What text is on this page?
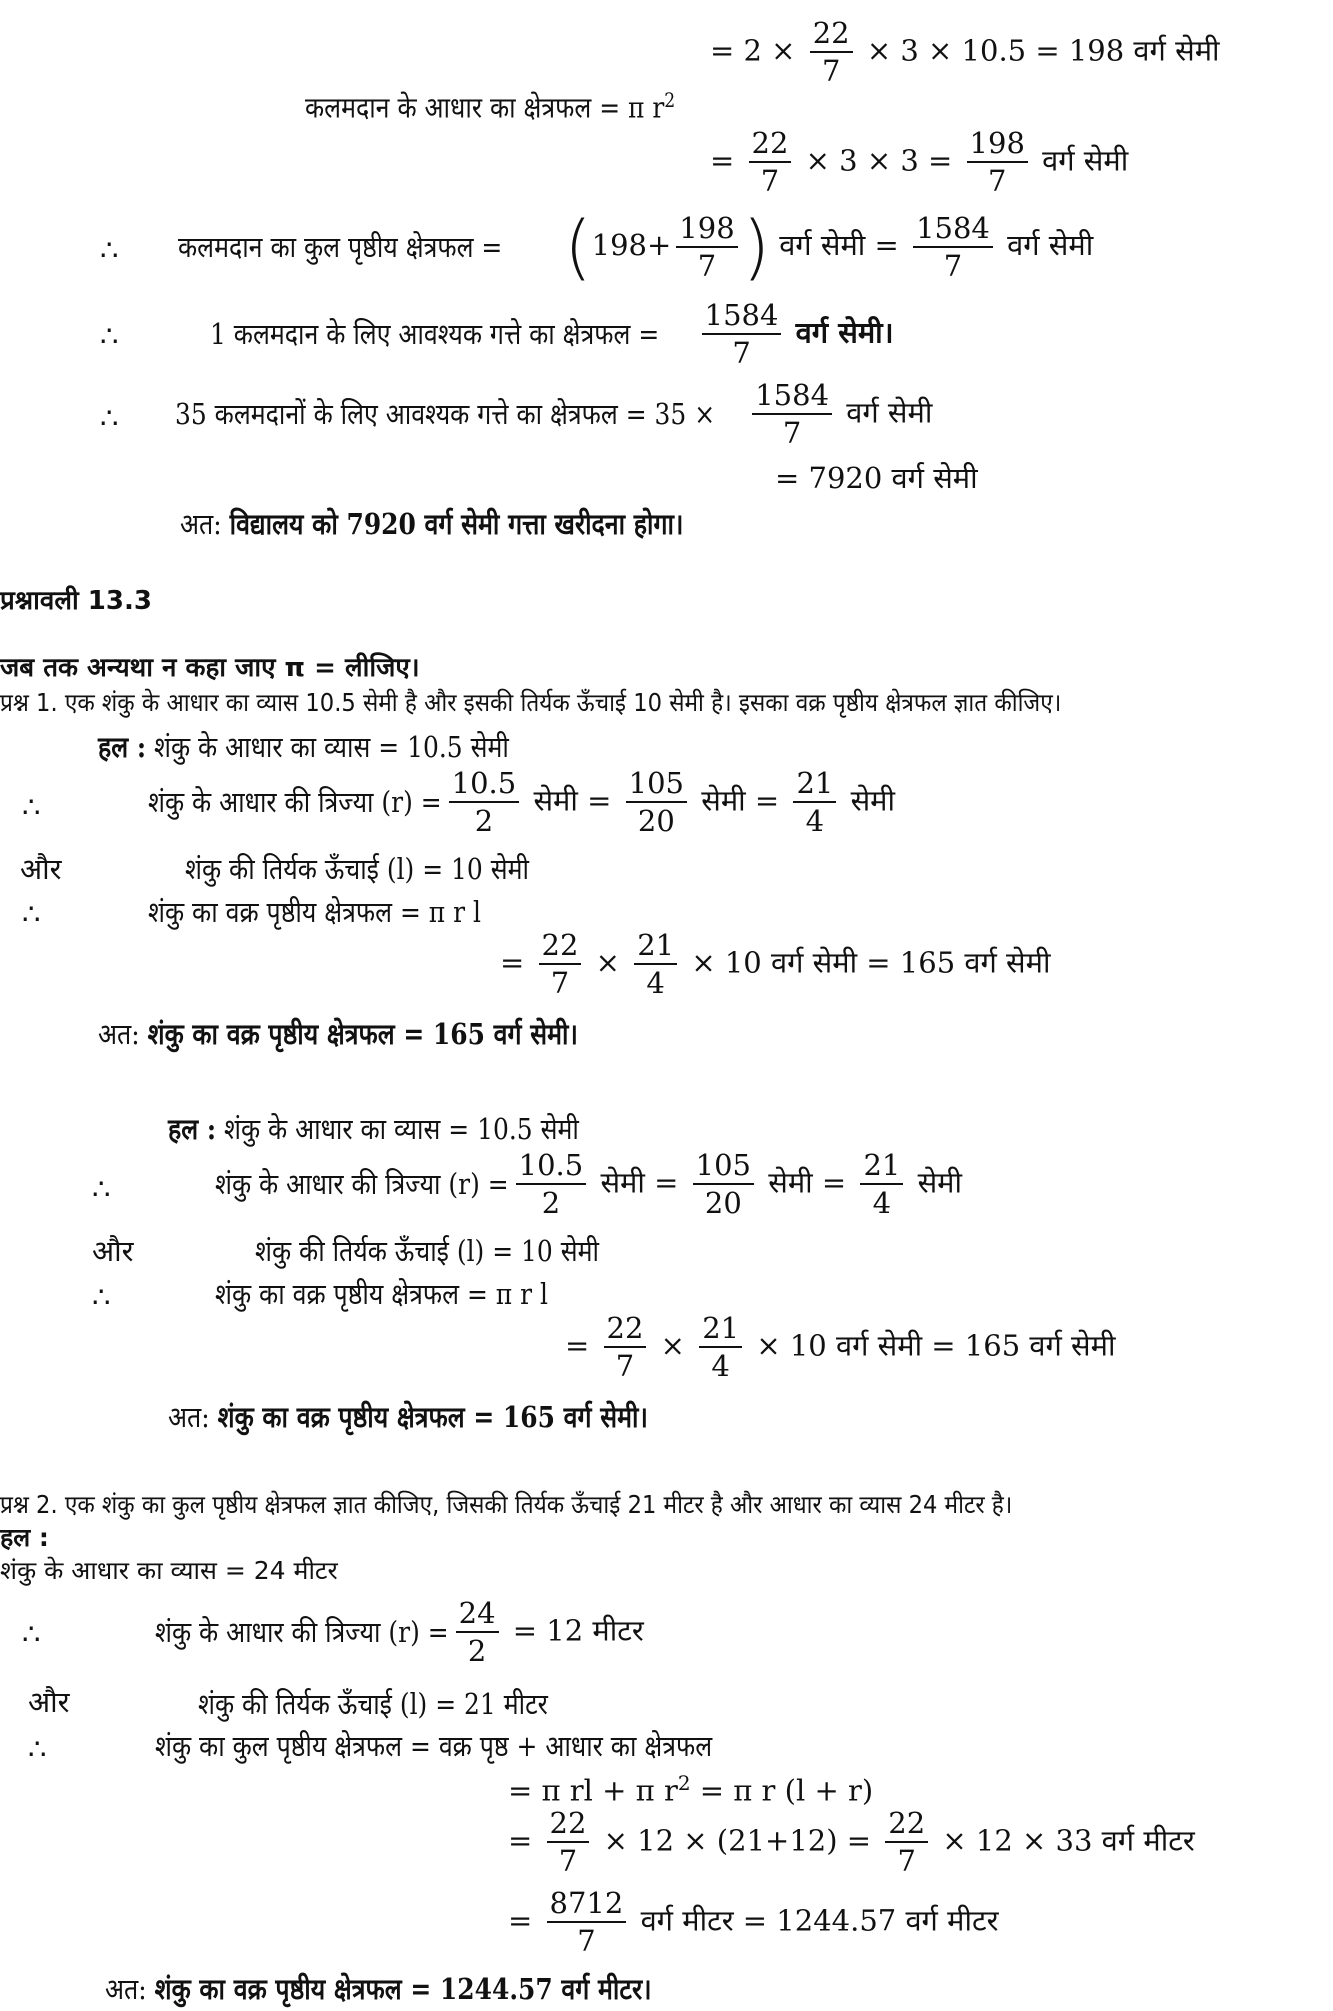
= $2 \times \frac{22}{7} \times 3 \times 10.5 = 198$ वर्ग सेमी
कलमदान के आधार का क्षेत्रफल = π $r^2$
= $\frac{22}{7} \times 3 \times 3 = \frac{198}{7}$ वर्ग सेमी
∴ कलमदान का कुल पृष्ठीय क्षेत्रफल = ($198+ \frac{198}{7}$ ) वर्ग सेमी = $\frac{1584}{7}$ वर्ग सेमी
∴	1 कलमदान के लिए आवश्यक गत्ते का क्षेत्रफल = $\frac{1584}{7}$ वर्ग सेमी।
∴ 35 कलमदानों के लिए आवश्यक गत्ते का क्षेत्रफल = $35 \times \frac{1584}{7}$ वर्ग सेमी
= 7920 वर्ग सेमी
अत: विद्यालय को 7920 वर्ग सेमी गत्ता खरीदना होगा।
प्रश्नावली 13.3
जब तक अन्यथा न कहा जाए π = लीजिए।
प्रश्न 1. एक शंकु के आधार का व्यास 10.5 सेमी है और इसकी तिर्यक ऊँचाई 10 सेमी है। इसका वक्र पृष्ठीय क्षेत्रफल ज्ञात कीजिए।
हल : शंकु के आधार का व्यास = 10.5 सेमी
∴	शंकु के आधार की त्रिज्या $(r) = \frac{10.5}{2}$ सेमी = $\frac{105}{20}$ सेमी = $\frac{21}{4}$ सेमी
और	शंकु की तिर्यक ऊँचाई (l) = 10 सेमी
∴	शंकु का वक्र पृष्ठीय क्षेत्रफल = π r l
= $\frac{22}{7} \times \frac{21}{4} \times 10$ वर्ग सेमी = 165 वर्ग सेमी
अत: शंकु का वक्र पृष्ठीय क्षेत्रफल = 165 वर्ग सेमी।
हल : शंकु के आधार का व्यास = 10.5 सेमी
∴	शंकु के आधार की त्रिज्या $(r) = \frac{10.5}{2}$ सेमी = $\frac{105}{20}$ सेमी = $\frac{21}{4}$ सेमी
और	शंकु की तिर्यक ऊँचाई (l) = 10 सेमी
∴	शंकु का वक्र पृष्ठीय क्षेत्रफल = π r l
= $\frac{22}{7} \times \frac{21}{4} \times 10$ वर्ग सेमी = 165 वर्ग सेमी
अत: शंकु का वक्र पृष्ठीय क्षेत्रफल = 165 वर्ग सेमी।
प्रश्न 2. एक शंकु का कुल पृष्ठीय क्षेत्रफल ज्ञात कीजिए, जिसकी तिर्यक ऊँचाई 21 मीटर है और आधार का व्यास 24 मीटर है।
हल :
शंकु के आधार का व्यास = 24 मीटर
∴	शंकु के आधार की त्रिज्या $(r) = \frac{24}{2} = 12$ मीटर
और	शंकु की तिर्यक ऊँचाई (l) = 21 मीटर
∴	शंकु का कुल पृष्ठीय क्षेत्रफल = वक्र पृष्ठ + आधार का क्षेत्रफल
= π rl + π $r^2 = \pi$ r (l + r)
= $\frac{22}{7} \times 12 \times (21+12) = \frac{22}{7} \times 12 \times 33$ वर्ग मीटर
= $\frac{8712}{7}$ वर्ग मीटर = 1244.57 वर्ग मीटर
अत: शंकु का वक्र पृष्ठीय क्षेत्रफल = 1244.57 वर्ग मीटर।
